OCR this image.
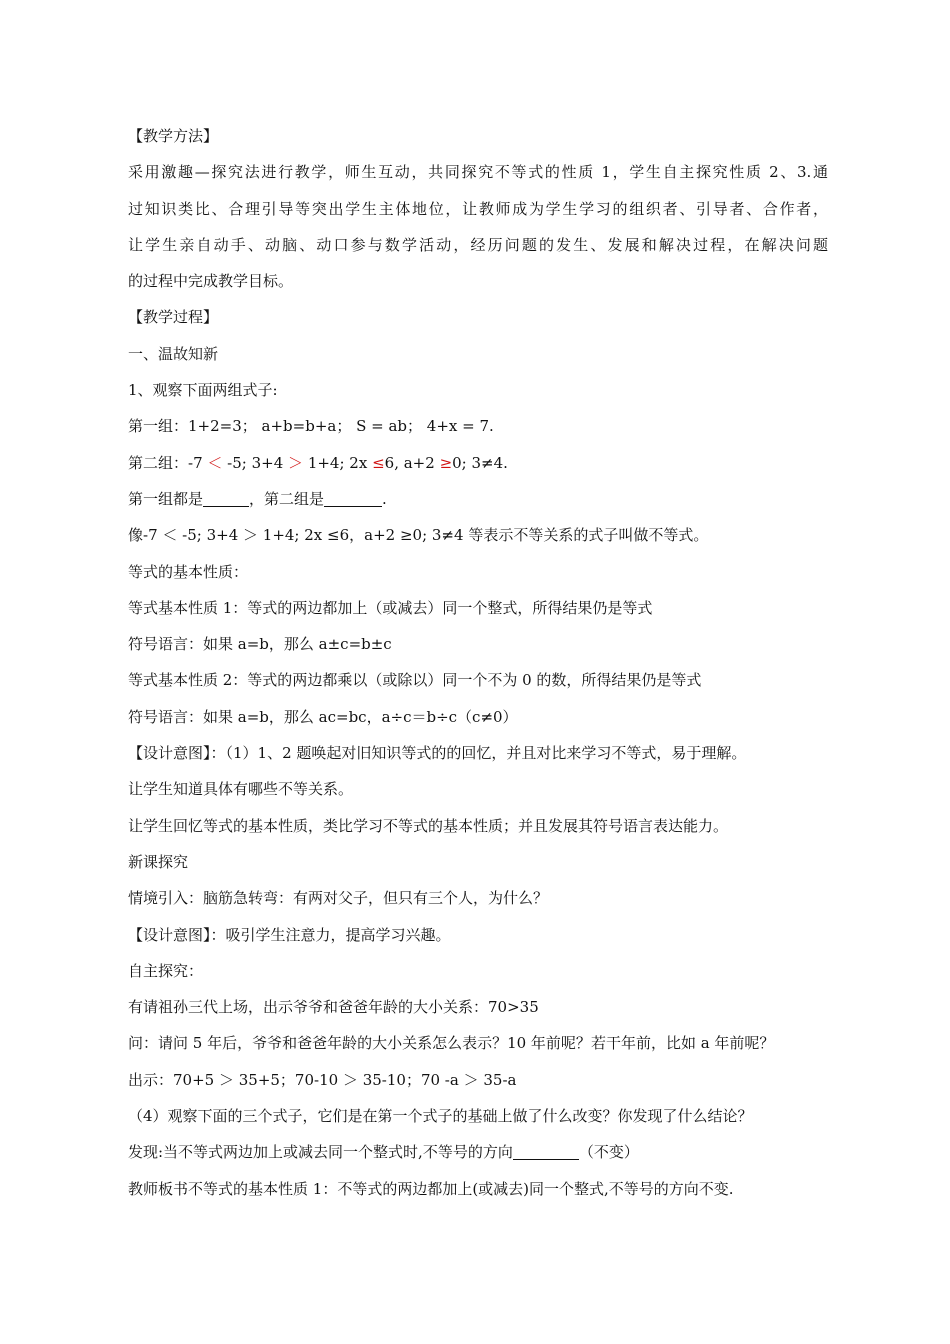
【教学方法】
采用激趣—探究法进行教学，师生互动，共同探究不等式的性质 1，学生自主探究性质 2、3.通
过知识类比、合理引导等突出学生主体地位，让教师成为学生学习的组织者、引导者、合作者，
让学生亲自动手、动脑、动口参与数学活动，经历问题的发生、发展和解决过程，在解决问题
的过程中完成教学目标。
【教学过程】
一、温故知新
1、观察下面两组式子:
第一组：1+2=3； a+b=b+a； S = ab； 4+x = 7.
第二组：-7 ＜ -5; 3+4 ＞ 1+4; 2x ≤6, a+2 ≥0; 3≠4.
第一组都是	，第二组是	.
像-7 ＜ -5; 3+4 ＞ 1+4; 2x ≤6，a+2 ≥0; 3≠4 等表示不等关系的式子叫做不等式。
等式的基本性质：
等式基本性质 1：等式的两边都加上（或减去）同一个整式，所得结果仍是等式
符号语言：如果 a=b，那么 a±c=b±c
等式基本性质 2：等式的两边都乘以（或除以）同一个不为 0 的数，所得结果仍是等式
符号语言：如果 a=b，那么 ac=bc，a÷c＝b÷c（c≠0）
【设计意图】：（1）1、2 题唤起对旧知识等式的的回忆，并且对比来学习不等式，易于理解。
让学生知道具体有哪些不等关系。
让学生回忆等式的基本性质，类比学习不等式的基本性质；并且发展其符号语言表达能力。
新课探究
情境引入：脑筋急转弯：有两对父子，但只有三个人，为什么？
【设计意图】：吸引学生注意力，提高学习兴趣。
自主探究：
有请祖孙三代上场，出示爷爷和爸爸年龄的大小关系：70>35
问：请问 5 年后，爷爷和爸爸年龄的大小关系怎么表示？10 年前呢？若干年前，比如 a 年前呢？
出示：70+5 ＞ 35+5；70-10 ＞ 35-10；70 -a ＞ 35-a
（4）观察下面的三个式子，它们是在第一个式子的基础上做了什么改变？你发现了什么结论？
发现:当不等式两边加上或减去同一个整式时,不等号的方向	（不变）
教师板书不等式的基本性质 1：不等式的两边都加上(或减去)同一个整式,不等号的方向不变.
